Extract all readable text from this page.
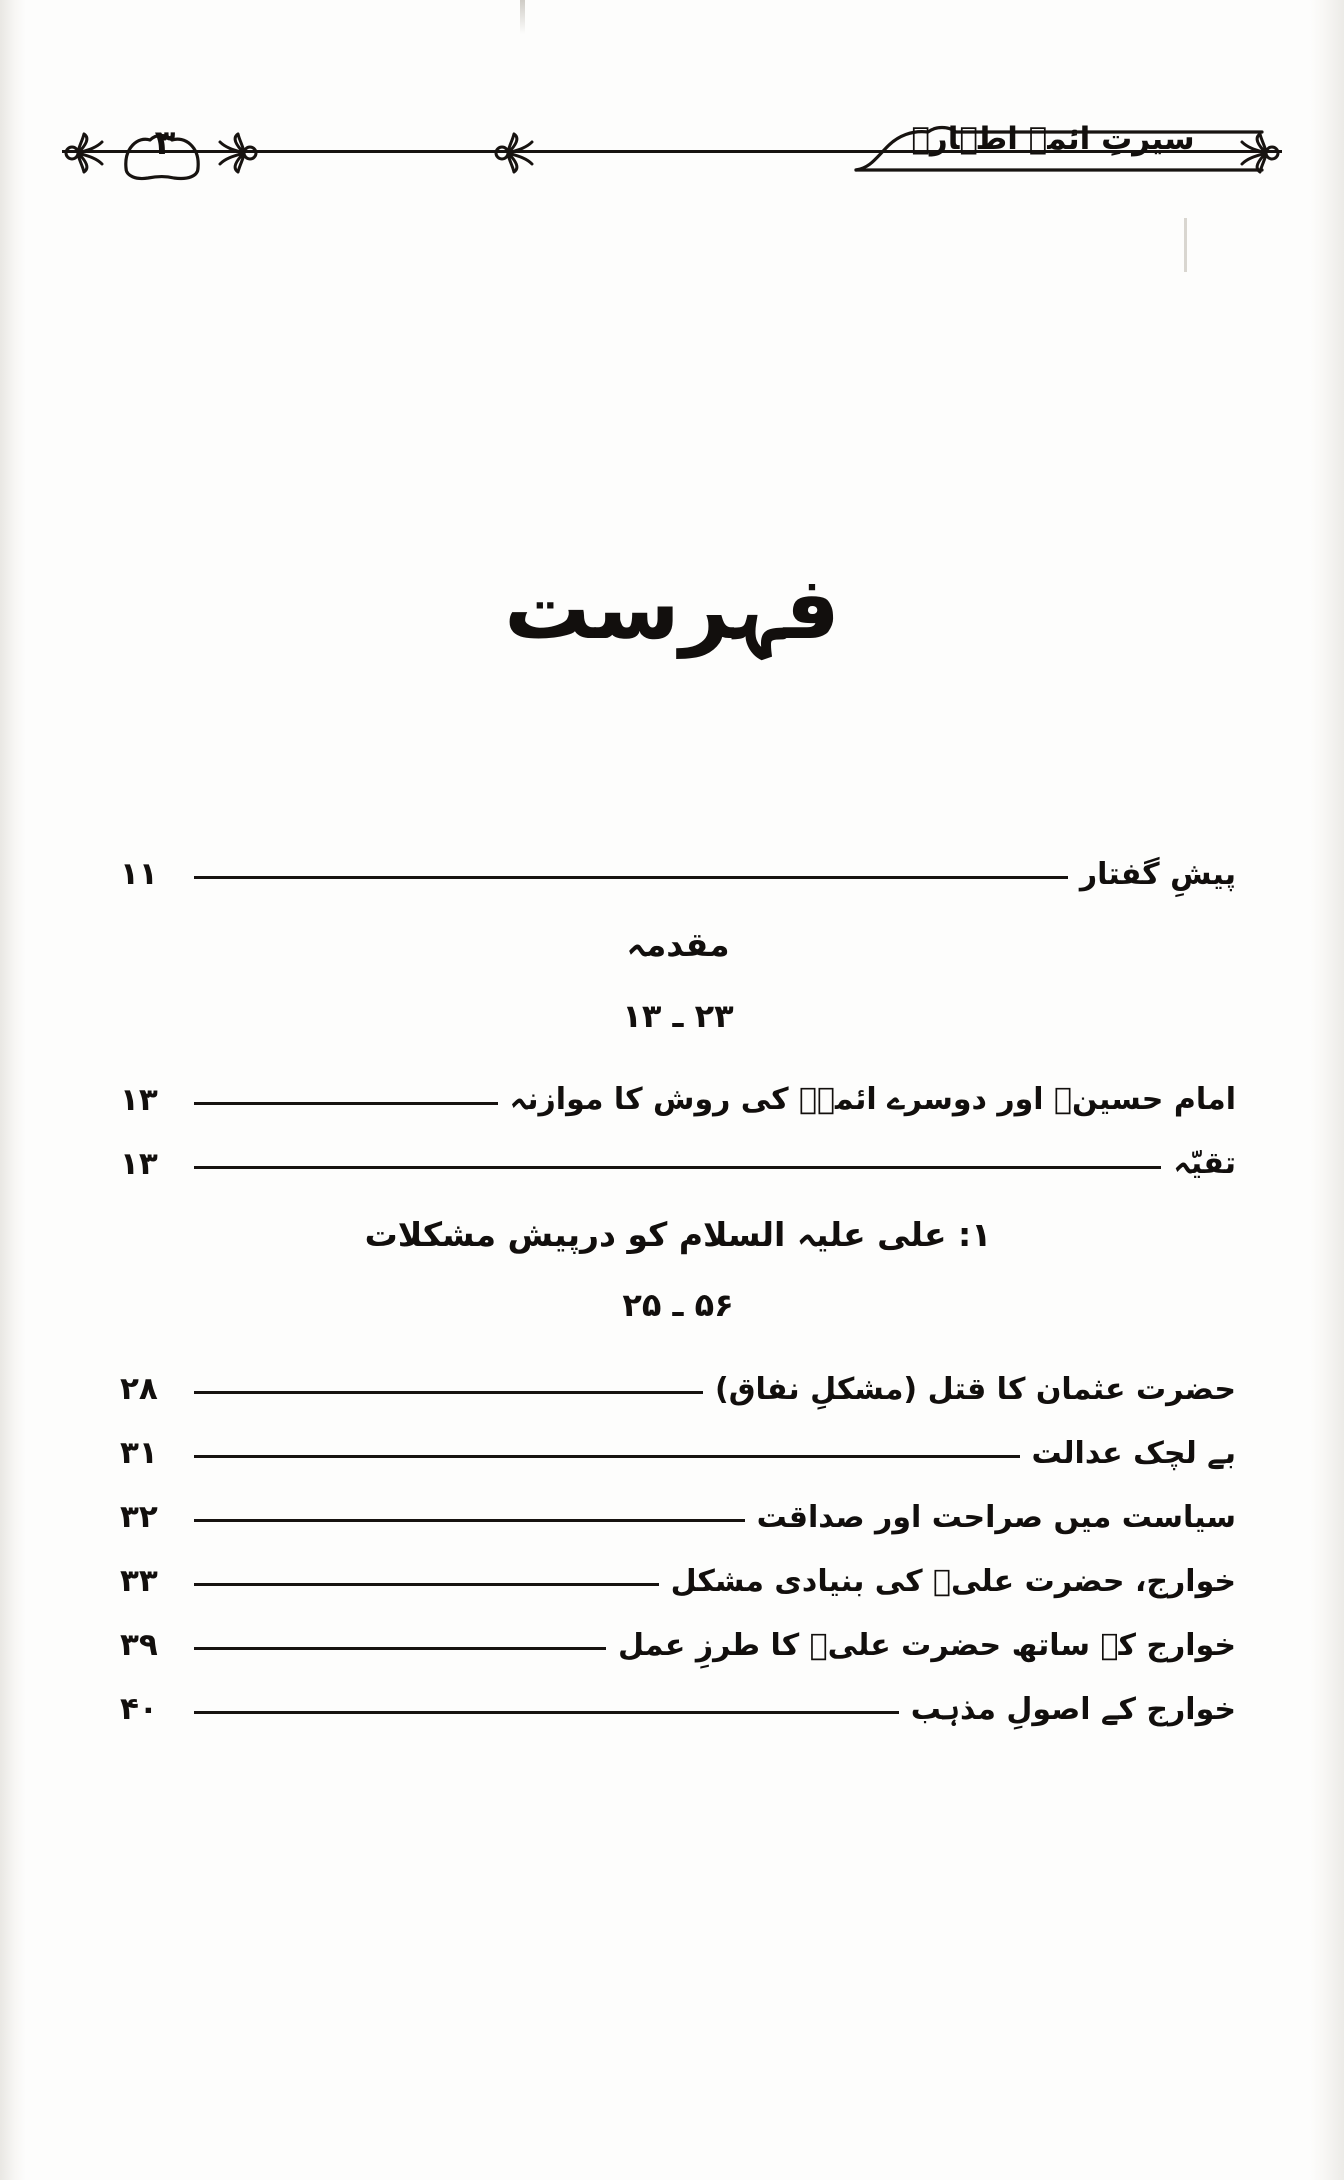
۳	سیرتِ ائمہ اطہارؑ
فہرست
پیشِ گفتار
۱۱
مقدمہ
۲۳ ـ ۱۳
امام حسینؑ اور دوسرے ائمہؑ کی روش کا موازنہ
۱۳
تقیّہ
۱۳
۱: علی علیہ السلام کو درپیش مشکلات
۵۶ ـ ۲۵
حضرت عثمان کا قتل (مشکلِ نفاق)
۲۸
بے لچک عدالت
۳۱
سیاست میں صراحت اور صداقت
۳۲
خوارج، حضرت علیؑ کی بنیادی مشکل
۳۳
خوارج کے ساتھ حضرت علیؑ کا طرزِ عمل
۳۹
خوارج کے اصولِ مذہب
۴۰
